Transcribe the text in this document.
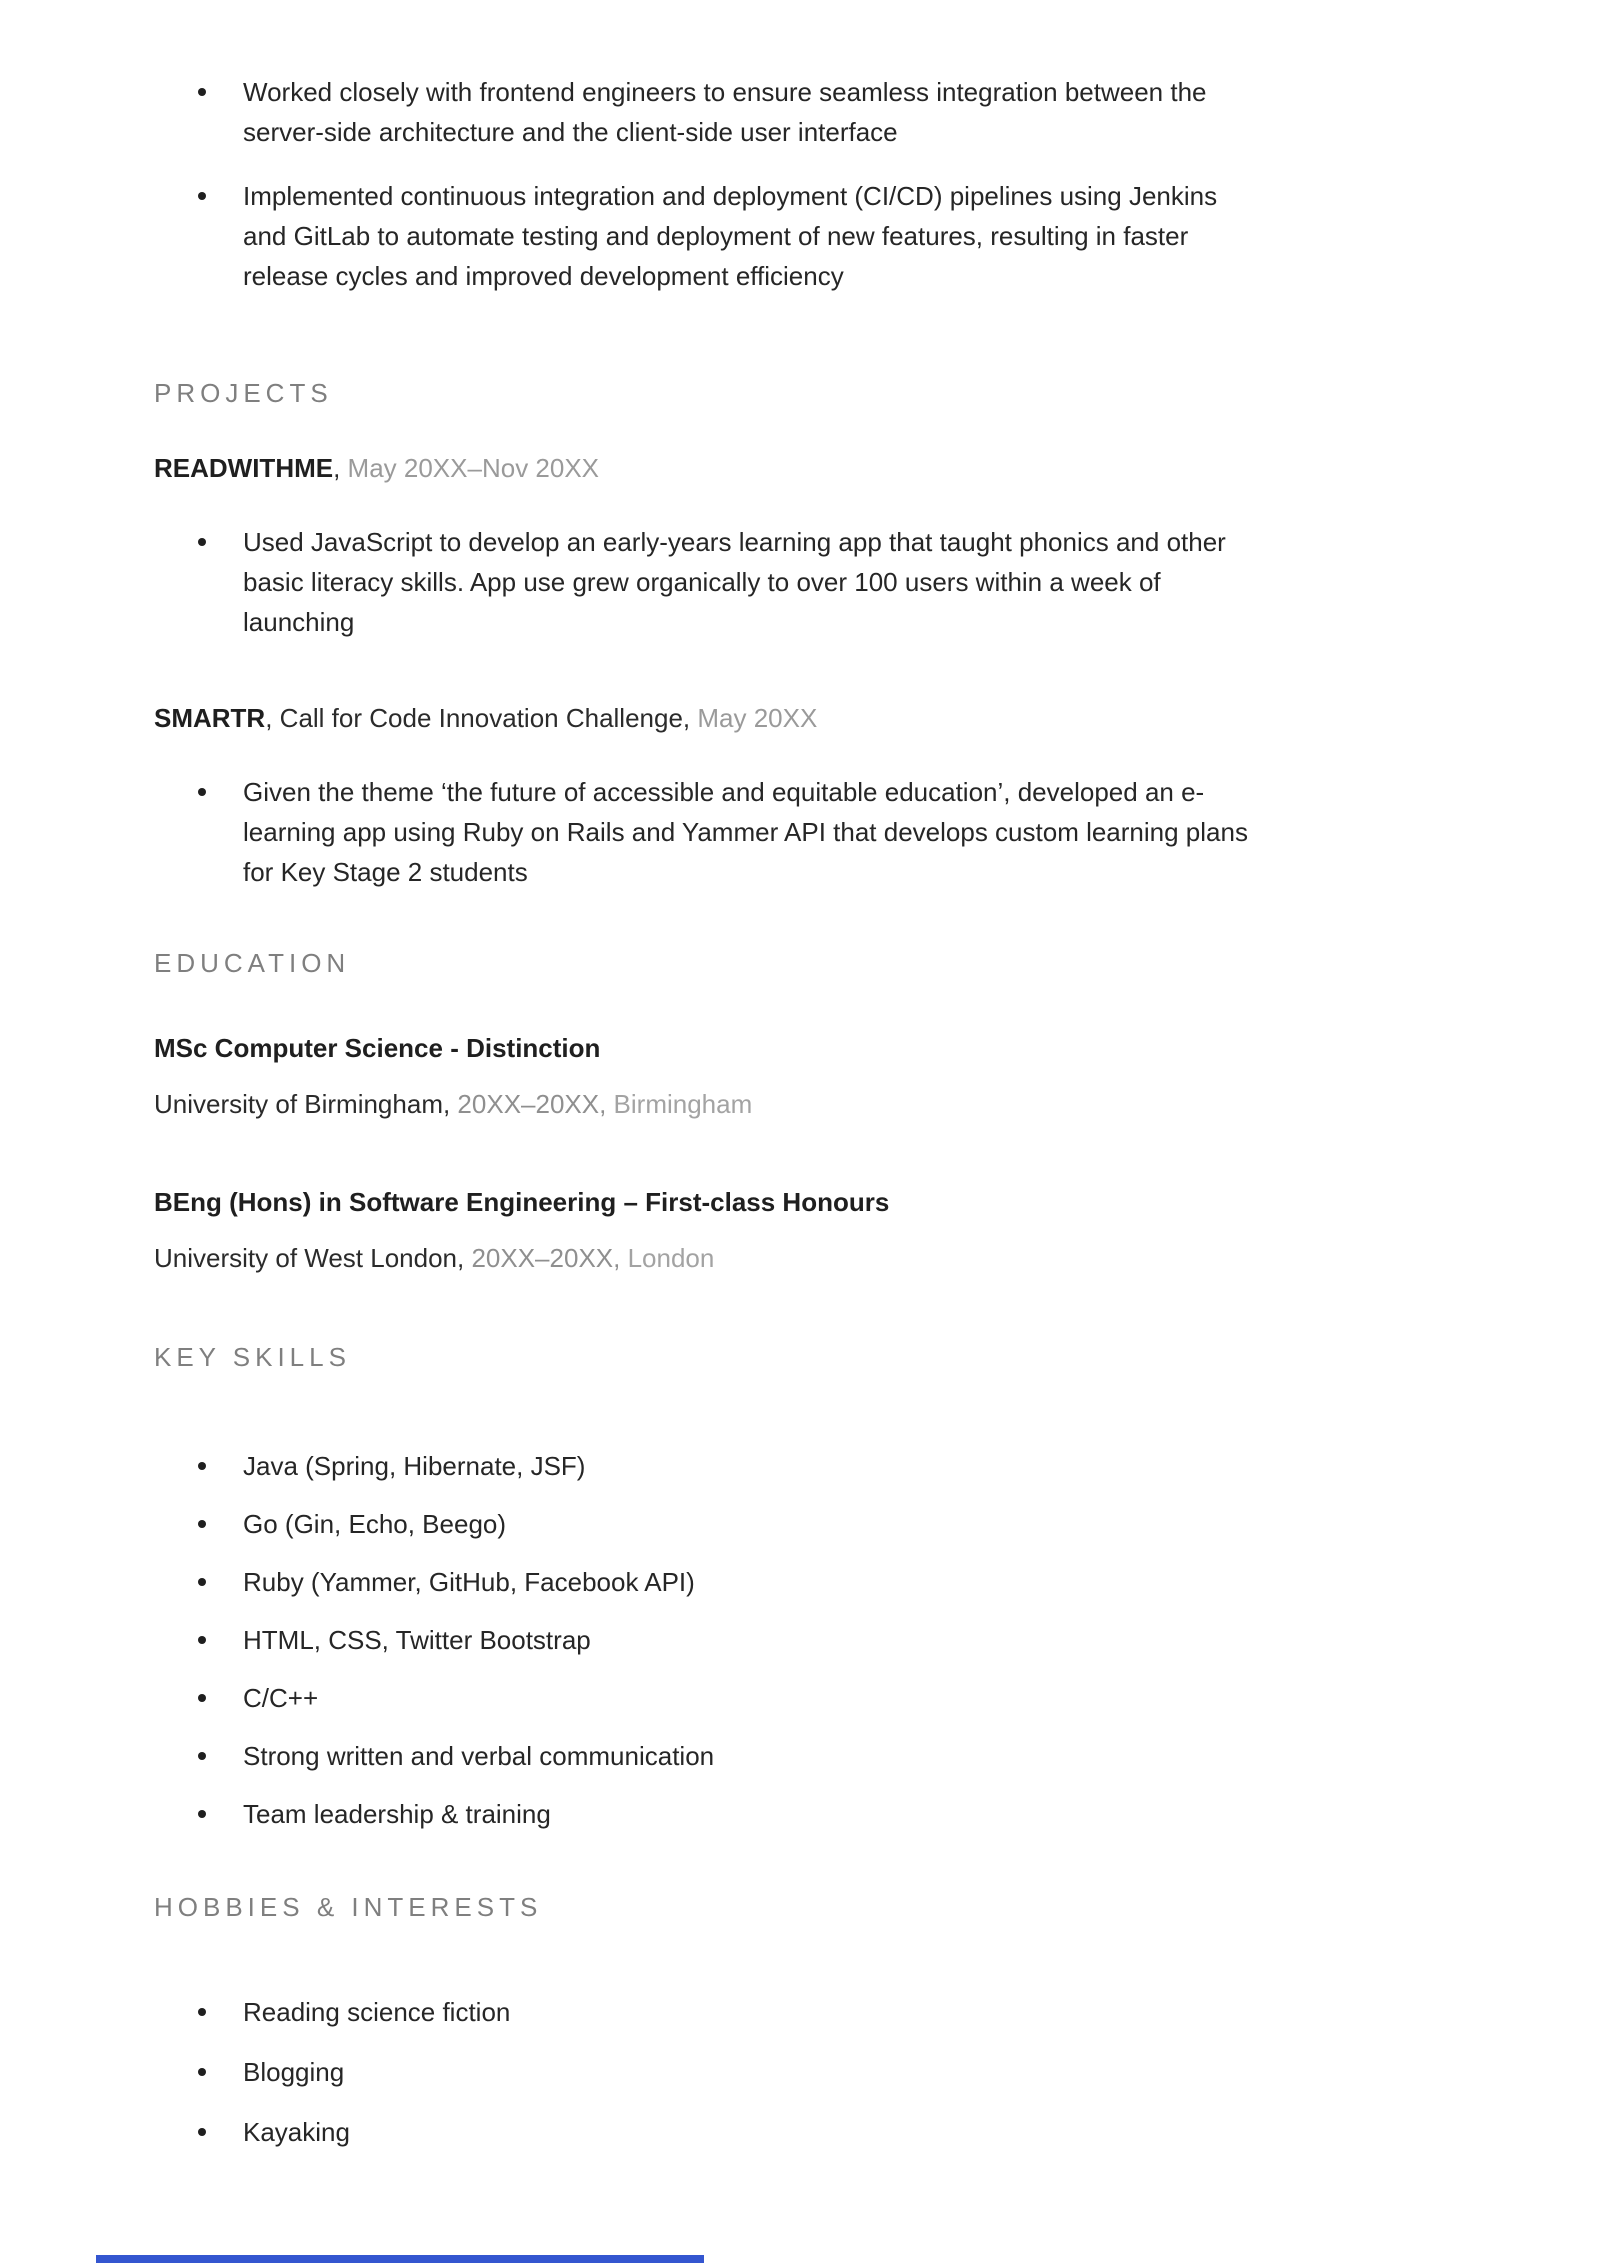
Worked closely with frontend engineers to ensure seamless integration between the server-side architecture and the client-side user interface
Implemented continuous integration and deployment (CI/CD) pipelines using Jenkins and GitLab to automate testing and deployment of new features, resulting in faster release cycles and improved development efficiency
PROJECTS
READWITHME, May 20XX–Nov 20XX
Used JavaScript to develop an early-years learning app that taught phonics and other basic literacy skills. App use grew organically to over 100 users within a week of launching
SMARTR, Call for Code Innovation Challenge, May 20XX
Given the theme ‘the future of accessible and equitable education’, developed an e-learning app using Ruby on Rails and Yammer API that develops custom learning plans for Key Stage 2 students
EDUCATION
MSc Computer Science - Distinction
University of Birmingham, 20XX–20XX, Birmingham
BEng (Hons) in Software Engineering – First-class Honours
University of West London, 20XX–20XX, London
KEY SKILLS
Java (Spring, Hibernate, JSF)
Go (Gin, Echo, Beego)
Ruby (Yammer, GitHub, Facebook API)
HTML, CSS, Twitter Bootstrap
C/C++
Strong written and verbal communication
Team leadership & training
HOBBIES & INTERESTS
Reading science fiction
Blogging
Kayaking
